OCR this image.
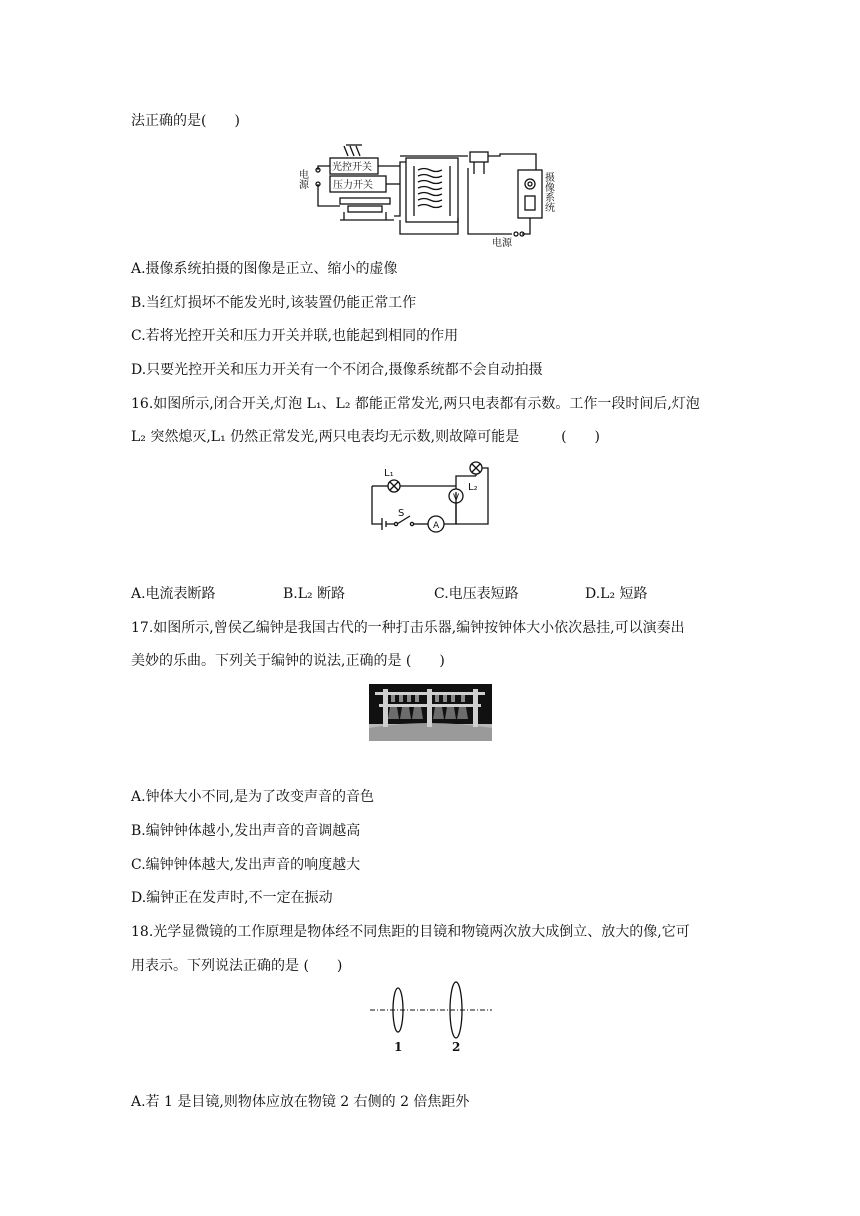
法正确的是(　　)
电源
光控开关
压力开关
电源
摄像系统
A.摄像系统拍摄的图像是正立、缩小的虚像
B.当红灯损坏不能发光时,该装置仍能正常工作
C.若将光控开关和压力开关并联,也能起到相同的作用
D.只要光控开关和压力开关有一个不闭合,摄像系统都不会自动拍摄
16.如图所示,闭合开关,灯泡 L₁、L₂ 都能正常发光,两只电表都有示数。工作一段时间后,灯泡
L₂ 突然熄灭,L₁ 仍然正常发光,两只电表均无示数,则故障可能是　　　(　　)
L₁
L₂
S
V
A
A.电流表断路	B.L₂ 断路	C.电压表短路	D.L₂ 短路
17.如图所示,曾侯乙编钟是我国古代的一种打击乐器,编钟按钟体大小依次悬挂,可以演奏出
美妙的乐曲。下列关于编钟的说法,正确的是 (　　)
A.钟体大小不同,是为了改变声音的音色
B.编钟钟体越小,发出声音的音调越高
C.编钟钟体越大,发出声音的响度越大
D.编钟正在发声时,不一定在振动
18.光学显微镜的工作原理是物体经不同焦距的目镜和物镜两次放大成倒立、放大的像,它可
用表示。下列说法正确的是 (　　)
1	2
A.若 1 是目镜,则物体应放在物镜 2 右侧的 2 倍焦距外
